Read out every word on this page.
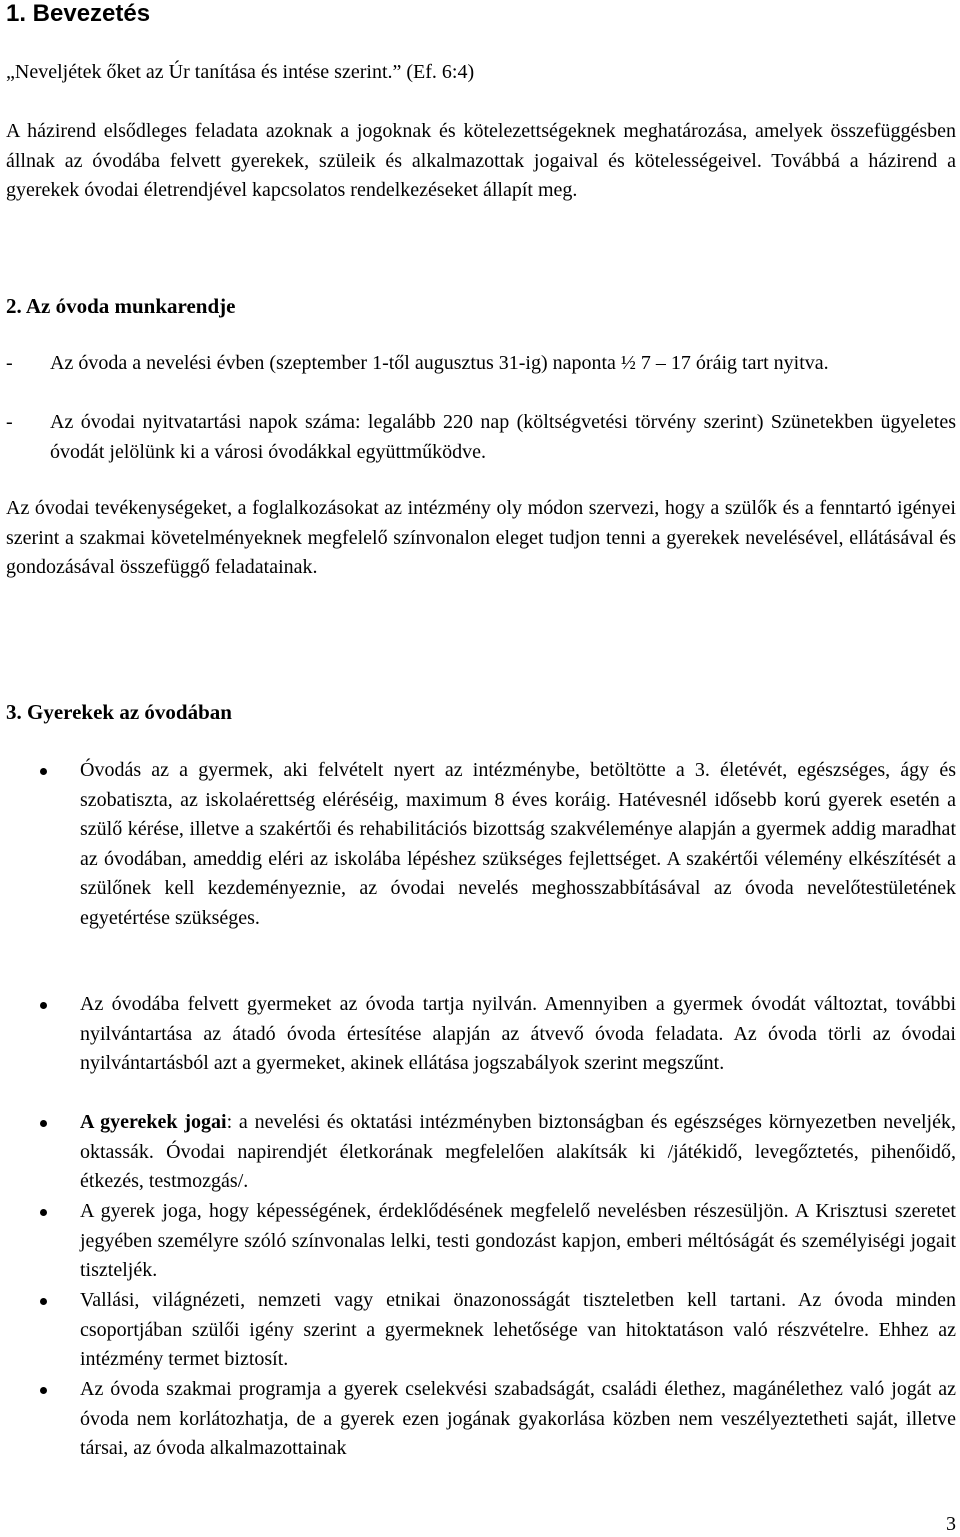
1. Bevezetés

„Neveljétek őket az Úr tanítása és intése szerint.” (Ef. 6:4)

A házirend elsődleges feladata azoknak a jogoknak és kötelezettségeknek meghatározása, amelyek összefüggésben állnak az óvodába felvett gyerekek, szüleik és alkalmazottak jogaival és kötelességeivel. Továbbá a házirend a gyerekek óvodai életrendjével kapcsolatos rendelkezéseket állapít meg.

2. Az óvoda munkarendje
- Az óvoda a nevelési évben (szeptember 1-től augusztus 31-ig) naponta ½ 7 – 17 óráig tart nyitva.
- Az óvodai nyitvatartási napok száma: legalább 220 nap (költségvetési törvény szerint) Szünetekben ügyeletes óvodát jelölünk ki a városi óvodákkal együttműködve.

Az óvodai tevékenységeket, a foglalkozásokat az intézmény oly módon szervezi, hogy a szülők és a fenntartó igényei szerint a szakmai követelményeknek megfelelő színvonalon eleget tudjon tenni a gyerekek nevelésével, ellátásával és gondozásával összefüggő feladatainak.

3. Gyerekek az óvodában
Óvodás az a gyermek, aki felvételt nyert az intézménybe, betöltötte a 3. életévét, egészséges, ágy és szobatiszta, az iskolaérettség eléréséig, maximum 8 éves koráig. Hatévesnél idősebb korú gyerek esetén a szülő kérése, illetve a szakértői és rehabilitációs bizottság szakvéleménye alapján a gyermek addig maradhat az óvodában, ameddig eléri az iskolába lépéshez szükséges fejlettséget. A szakértői vélemény elkészítését a szülőnek kell kezdeményeznie, az óvodai nevelés meghosszabbításával az óvoda nevelőtestületének egyetértése szükséges.
Az óvodába felvett gyermeket az óvoda tartja nyilván. Amennyiben a gyermek óvodát változtat, további nyilvántartása az átadó óvoda értesítése alapján az átvevő óvoda feladata. Az óvoda törli az óvodai nyilvántartásból azt a gyermeket, akinek ellátása jogszabályok szerint megszűnt.
A gyerekek jogai: a nevelési és oktatási intézményben biztonságban és egészséges környezetben neveljék, oktassák. Óvodai napirendjét életkorának megfelelően alakítsák ki /játékidő, levegőztetés, pihenőidő, étkezés, testmozgás/.
A gyerek joga, hogy képességének, érdeklődésének megfelelő nevelésben részesüljön. A Krisztusi szeretet jegyében személyre szóló színvonalas lelki, testi gondozást kapjon, emberi méltóságát és személyiségi jogait tiszteljék.
Vallási, világnézeti, nemzeti vagy etnikai önazonosságát tiszteletben kell tartani. Az óvoda minden csoportjában szülői igény szerint a gyermeknek lehetősége van hitoktatáson való részvételre. Ehhez az intézmény termet biztosít.
Az óvoda szakmai programja a gyerek cselekvési szabadságát, családi élethez, magánélethez való jogát az óvoda nem korlátozhatja, de a gyerek ezen jogának gyakorlása közben nem veszélyeztetheti saját, illetve társai, az óvoda alkalmazottainak
3
